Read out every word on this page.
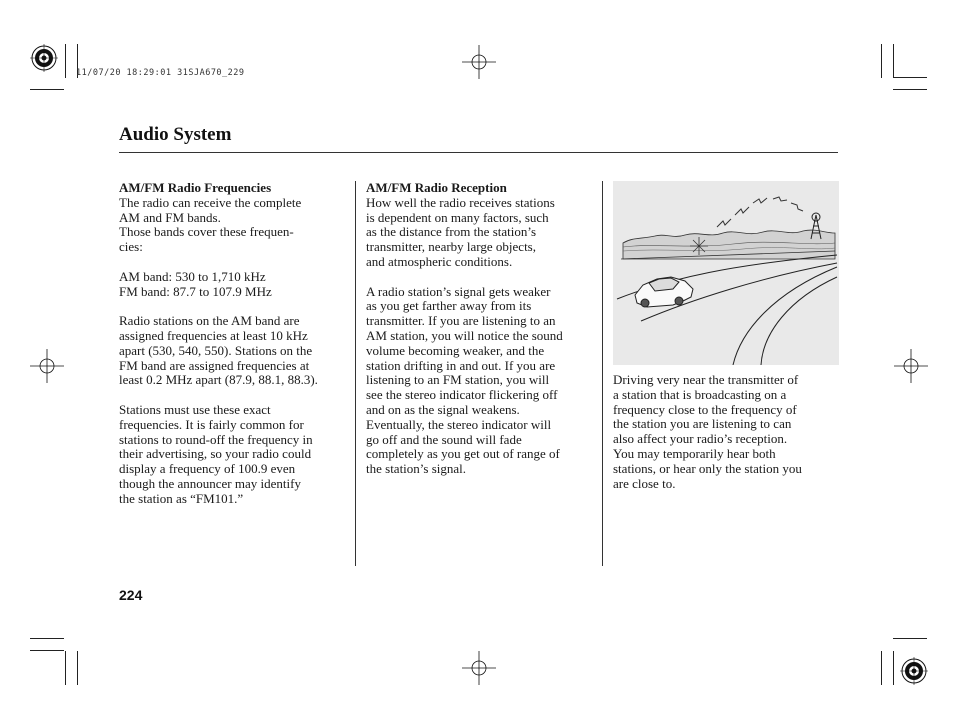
11/07/20 18:29:01 31SJA670_229
Audio System

AM/FM Radio Frequencies

The radio can receive the complete
AM and FM bands.
Those bands cover these frequen-
cies:

AM band: 530 to 1,710 kHz
FM band: 87.7 to 107.9 MHz

Radio stations on the AM band are
assigned frequencies at least 10 kHz
apart (530, 540, 550). Stations on the
FM band are assigned frequencies at
least 0.2 MHz apart (87.9, 88.1, 88.3).

Stations must use these exact
frequencies. It is fairly common for
stations to round-off the frequency in
their advertising, so your radio could
display a frequency of 100.9 even
though the announcer may identify
the station as “FM101.”

AM/FM Radio Reception

How well the radio receives stations
is dependent on many factors, such
as the distance from the station’s
transmitter, nearby large objects,
and atmospheric conditions.

A radio station’s signal gets weaker
as you get farther away from its
transmitter. If you are listening to an
AM station, you will notice the sound
volume becoming weaker, and the
station drifting in and out. If you are
listening to an FM station, you will
see the stereo indicator flickering off
and on as the signal weakens.
Eventually, the stereo indicator will
go off and the sound will fade
completely as you get out of range of
the station’s signal.

Driving very near the transmitter of
a station that is broadcasting on a
frequency close to the frequency of
the station you are listening to can
also affect your radio’s reception.
You may temporarily hear both
stations, or hear only the station you
are close to.

224
